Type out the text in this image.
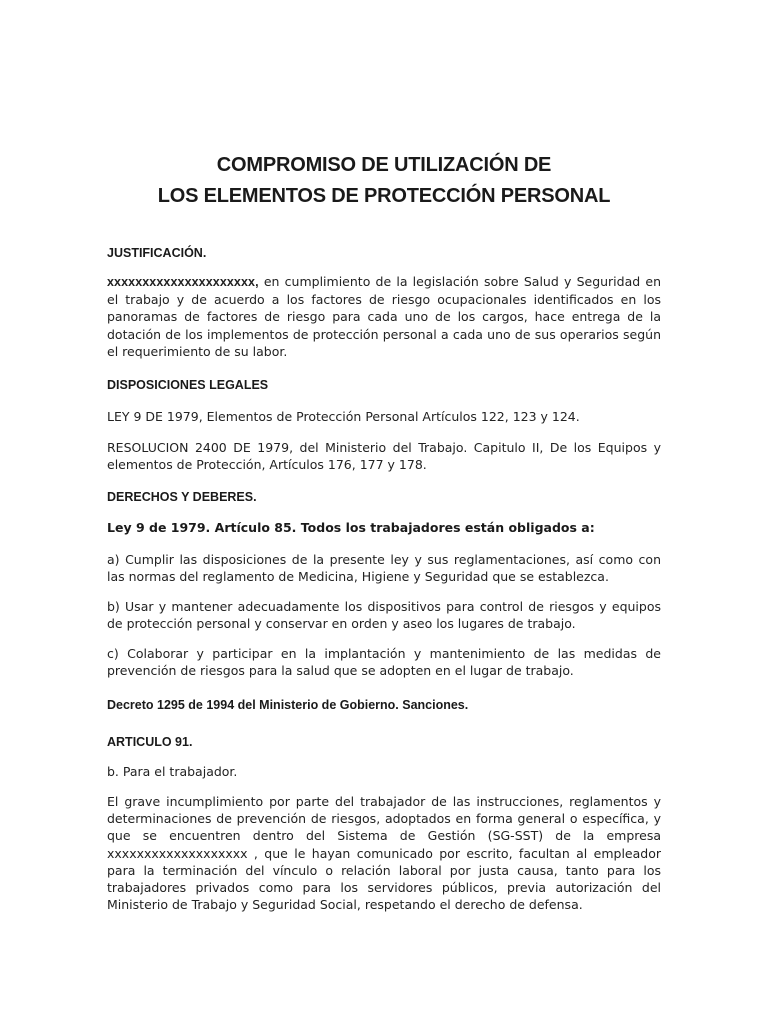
COMPROMISO DE UTILIZACIÓN DE
LOS ELEMENTOS DE PROTECCIÓN PERSONAL
JUSTIFICACIÓN.
xxxxxxxxxxxxxxxxxxxxx, en cumplimiento de la legislación sobre Salud y Seguridad en el trabajo y de acuerdo a los factores de riesgo ocupacionales identificados en los panoramas de factores de riesgo para cada uno de los cargos, hace entrega de la dotación de los implementos de protección personal a cada uno de sus operarios según el requerimiento de su labor.
DISPOSICIONES LEGALES
LEY 9 DE 1979, Elementos de Protección Personal Artículos 122, 123 y 124.
RESOLUCION 2400 DE 1979, del Ministerio del Trabajo. Capitulo II, De los Equipos y elementos de Protección, Artículos 176, 177 y 178.
DERECHOS Y DEBERES.
Ley 9 de 1979. Artículo 85. Todos los trabajadores están obligados a:
a) Cumplir las disposiciones de la presente ley y sus reglamentaciones, así como con las normas del reglamento de Medicina, Higiene y Seguridad que se establezca.
b) Usar y mantener adecuadamente los dispositivos para control de riesgos y equipos de protección personal y conservar en orden y aseo los lugares de trabajo.
c) Colaborar y participar en la implantación y mantenimiento de las medidas de prevención de riesgos para la salud que se adopten en el lugar de trabajo.
Decreto 1295 de 1994 del Ministerio de Gobierno. Sanciones.
ARTICULO 91.
b. Para el trabajador.
El grave incumplimiento por parte del trabajador de las instrucciones, reglamentos y determinaciones de prevención de riesgos, adoptados en forma general o específica, y que se encuentren dentro del Sistema de Gestión (SG-SST) de la empresa xxxxxxxxxxxxxxxxxxx , que le hayan comunicado por escrito, facultan al empleador para la terminación del vínculo o relación laboral por justa causa, tanto para los trabajadores privados como para los servidores públicos, previa autorización del Ministerio de Trabajo y Seguridad Social, respetando el derecho de defensa.
